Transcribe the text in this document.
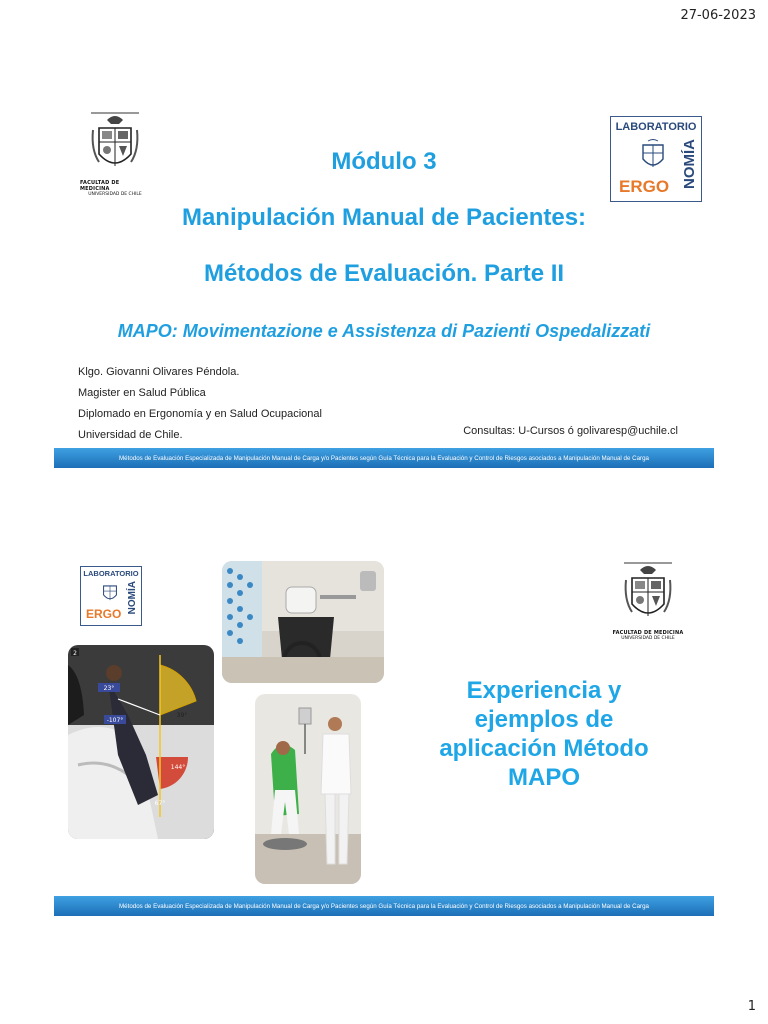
27-06-2023
FACULTAD DE MEDICINA
UNIVERSIDAD DE CHILE
LABORATORIO
ERGO NOMÍA
Módulo 3
Manipulación Manual de Pacientes:
Métodos de Evaluación. Parte II
MAPO: Movimentazione e Assistenza di Pazienti Ospedalizzati
Klgo. Giovanni Olivares Péndola.
Magister en Salud Pública
Diplomado en Ergonomía y en Salud Ocupacional
Universidad de Chile.	Consultas: U-Cursos ó golivaresp@uchile.cl
Métodos de Evaluación Especializada de Manipulación Manual de Carga y/o Pacientes según Guía Técnica para la Evaluación y Control de Riesgos asociados a Manipulación Manual de Carga
LABORATORIO
ERGO NOMÍA
FACULTAD DE MEDICINA
UNIVERSIDAD DE CHILE
2
23°
-107°
39°
144°
67°
Experiencia y
ejemplos de
aplicación Método
MAPO
Métodos de Evaluación Especializada de Manipulación Manual de Carga y/o Pacientes según Guía Técnica para la Evaluación y Control de Riesgos asociados a Manipulación Manual de Carga
1
